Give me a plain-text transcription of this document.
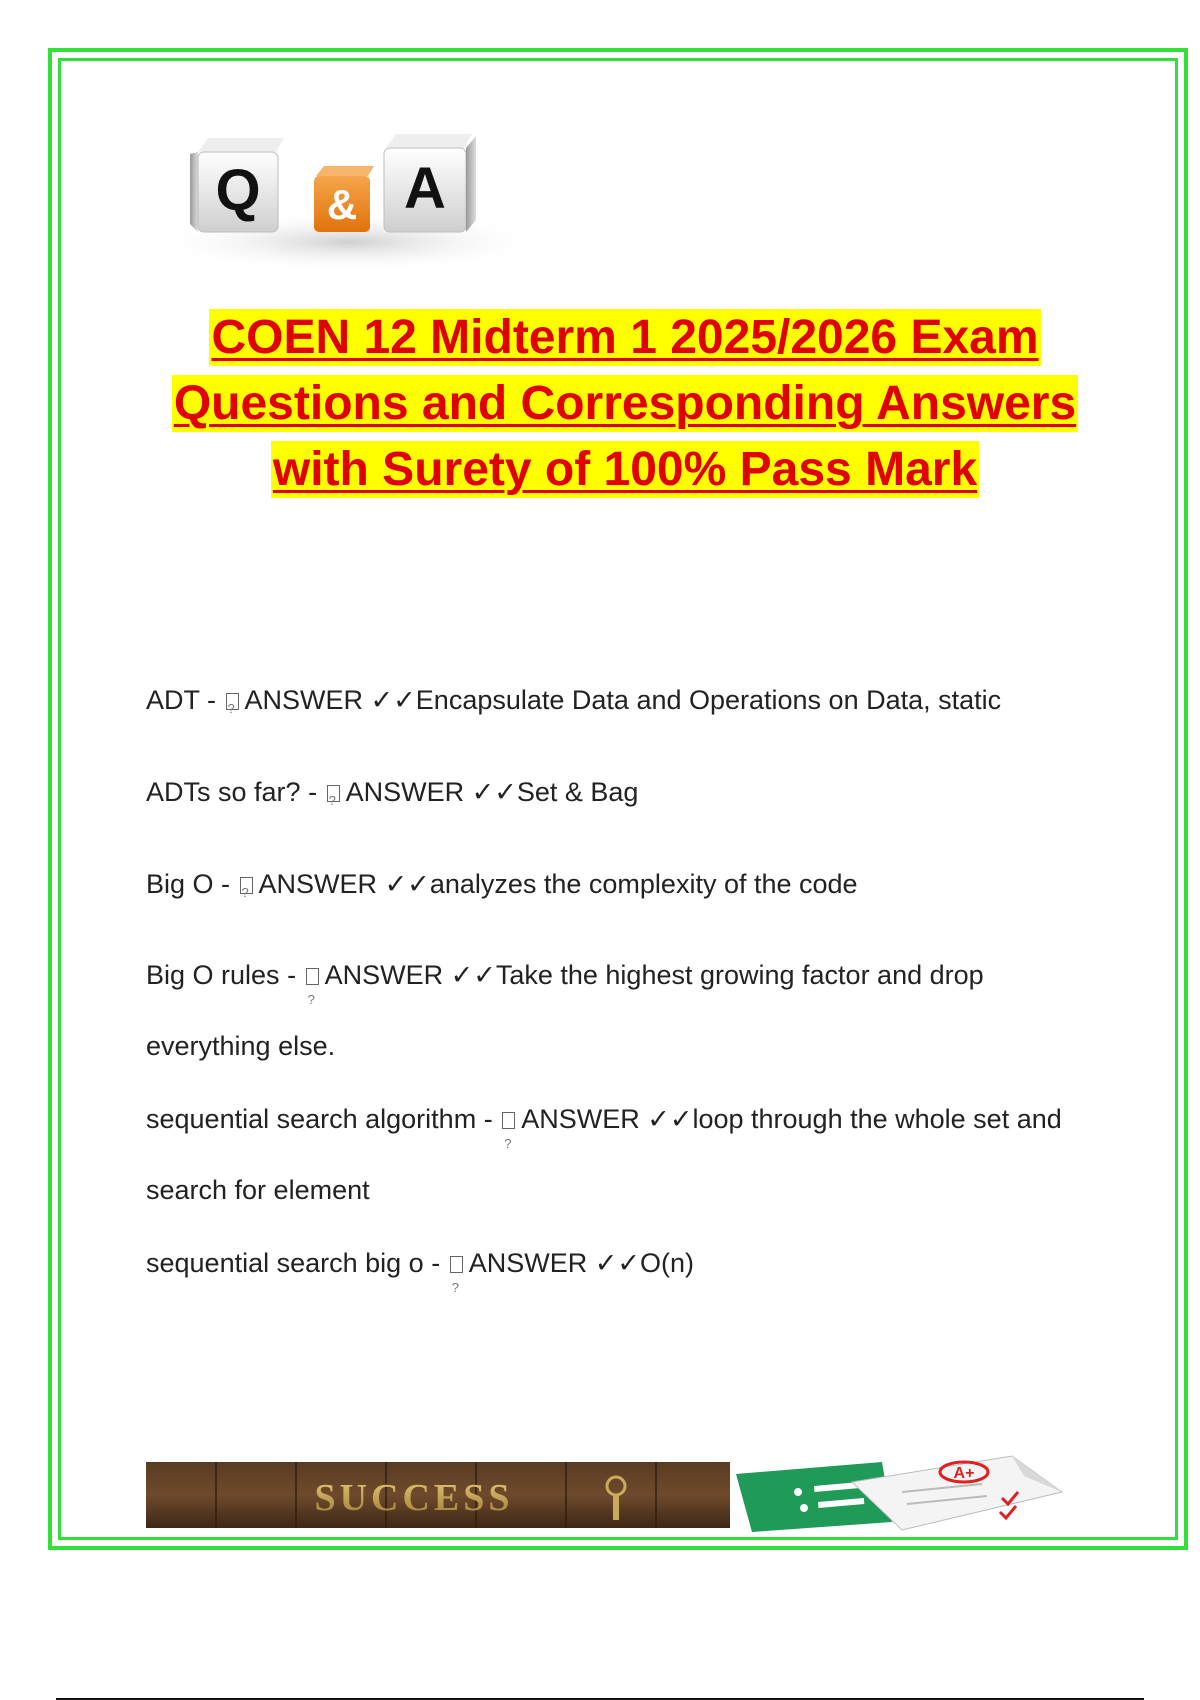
Q & A
COEN 12 Midterm 1 2025/2026 Exam
Questions and Corresponding Answers
with Surety of 100% Pass Mark

ADT - ?ANSWER ✓✓Encapsulate Data and Operations on Data, static

ADTs so far? - ?ANSWER ✓✓Set & Bag

Big O - ?ANSWER ✓✓analyzes the complexity of the code

Big O rules - ?ANSWER ✓✓Take the highest growing factor and drop everything else.

sequential search algorithm - ?ANSWER ✓✓loop through the whole set and search for element

sequential search big o - ?ANSWER ✓✓O(n)

SUCCESS
A+
